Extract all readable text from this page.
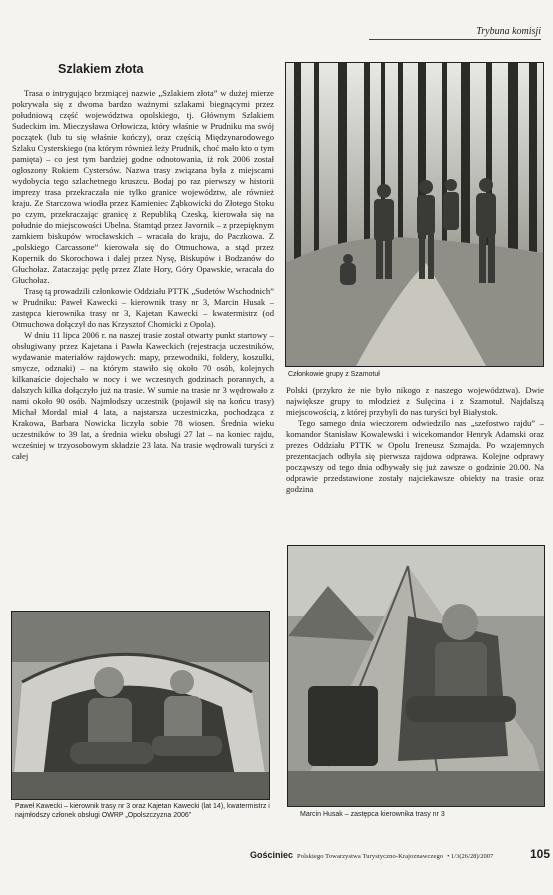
Trybuna komisji
Szlakiem złota

Trasa o intrygująco brzmiącej nazwie „Szlakiem złota” w dużej mierze pokrywała się z dwoma bardzo ważnymi szlakami biegnącymi przez południową część województwa opolskiego, tj. Głównym Szlakiem Sudeckim im. Mieczysława Orłowicza, który właśnie w Prudniku ma swój początek (lub tu się właśnie kończy), oraz częścią Międzynarodowego Szlaku Cysterskiego (na którym również leży Prudnik, choć mało kto o tym pamięta) – co jest tym bardziej godne odnotowania, iż rok 2006 został ogłoszony Rokiem Cystersów. Nazwa trasy związana była z miejscami wydobycia tego szlachetnego kruszcu. Bodaj po raz pierwszy w historii imprezy trasa przekraczała nie tylko granice województw, ale również kraju. Ze Starczowa wiodła przez Kamieniec Ząbkowicki do Złotego Stoku po czym, przekraczając granicę z Republiką Czeską, kierowała się na południe do miejscowości Ubelna. Stamtąd przez Javornik – z przepięknym zamkiem biskupów wrocławskich – wracała do kraju, do Paczkowa. Z „polskiego Carcassone” kierowała się do Otmuchowa, a stąd przez Kopernik do Skorochowa i dalej przez Nysę, Biskupów i Bodzanów do Głuchołaz. Zataczając pętlę przez Zlate Hory, Góry Opawskie, wracała do Głuchołaz.

Trasę tą prowadzili członkowie Oddziału PTTK „Sudetów Wschodnich” w Prudniku: Paweł Kawecki – kierownik trasy nr 3, Marcin Husak – zastępca kierownika trasy nr 3, Kajetan Kawecki – kwatermistrz (od Otmuchowa dołączył do nas Krzysztof Chomicki z Opola).

W dniu 11 lipca 2006 r. na naszej trasie został otwarty punkt startowy – obsługiwany przez Kajetana i Pawła Kaweckich (rejestracja uczestników, wydawanie materiałów rajdowych: mapy, przewodniki, foldery, koszulki, smycze, odznaki) – na którym stawiło się około 70 osób, kolejnych kilkanaście dojechało w nocy i we wczesnych godzinach porannych, a dalszych kilka dołączyło już na trasie. W sumie na trasie nr 3 wędrowało z nami około 90 osób. Najmłodszy uczestnik (pojawił się na końcu trasy) Michał Mordal miał 4 lata, a najstarsza uczestniczka, pochodząca z Krakowa, Barbara Nowicka liczyła sobie 78 wiosen. Średnia wieku uczestników to 39 lat, a średnia wieku obsługi 27 lat – na koniec rajdu, wcześniej w trzyosobowym składzie 23 lata. Na trasie wędrowali turyści z całej

Członkowie grupy z Szamotuł

Polski (przykro że nie było nikogo z naszego województwa). Dwie największe grupy to młodzież z Sulęcina i z Szamotuł. Najdalszą miejscowością, z której przybyli do nas turyści był Białystok.

Tego samego dnia wieczorem odwiedzilo nas „szefostwo rajdu” – komandor Stanisław Kowalewski i wicekomandor Henryk Adamski oraz prezes Oddziału PTTK w Opolu Ireneusz Szmajda. Po wzajemnych prezentacjach odbyła się pierwsza rajdowa odprawa. Kolejne odprawy począwszy od tego dnia odbywały się już zawsze o godzinie 20.00. Na odprawie przedstawione zostały najciekawsze obiekty na trasie oraz godzina

Marcin Husak – zastępca kierownika trasy nr 3
Paweł Kawecki – kierownik trasy nr 3 oraz Kajetan Kawecki (lat 14), kwatermistrz i najmłodszy członek obsługi OWRP „Opolszczyzna 2006”
Gościniec Polskiego Towarzystwa Turystyczno-Krajoznawczego • 1/3(26/28)/2007	105
